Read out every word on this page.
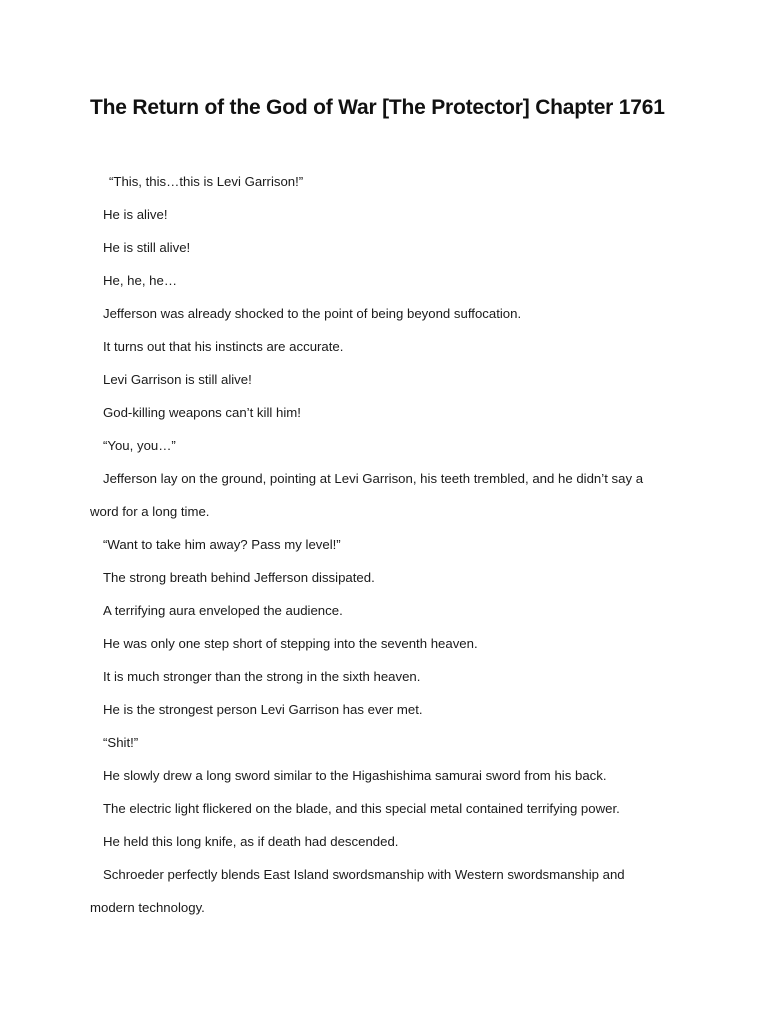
The Return of the God of War [The Protector] Chapter 1761

“This, this…this is Levi Garrison!”

He is alive!

He is still alive!

He, he, he…

Jefferson was already shocked to the point of being beyond suffocation.

It turns out that his instincts are accurate.

Levi Garrison is still alive!

God-killing weapons can’t kill him!

“You, you…”

Jefferson lay on the ground, pointing at Levi Garrison, his teeth trembled, and he didn’t say a word for a long time.

“Want to take him away? Pass my level!”

The strong breath behind Jefferson dissipated.

A terrifying aura enveloped the audience.

He was only one step short of stepping into the seventh heaven.

It is much stronger than the strong in the sixth heaven.

He is the strongest person Levi Garrison has ever met.

“Shit!”

He slowly drew a long sword similar to the Higashishima samurai sword from his back.

The electric light flickered on the blade, and this special metal contained terrifying power.

He held this long knife, as if death had descended.

Schroeder perfectly blends East Island swordsmanship with Western swordsmanship and modern technology.
